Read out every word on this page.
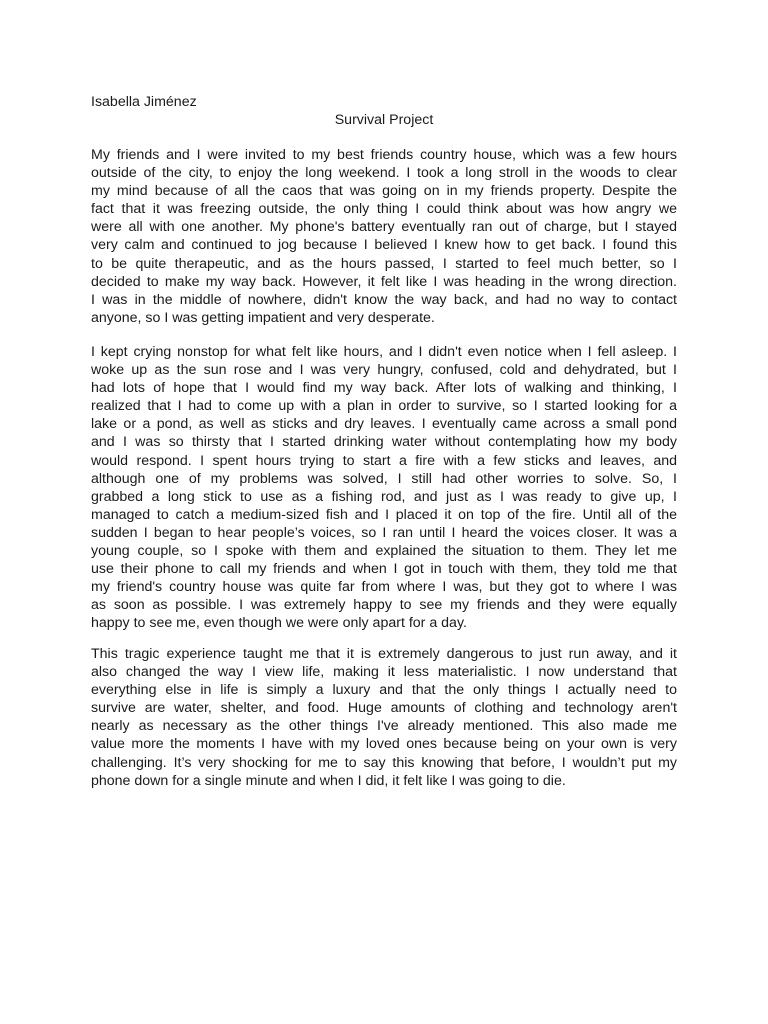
Isabella Jiménez
Survival Project
My friends and I were invited to my best friends country house, which was a few hours
outside of the city, to enjoy the long weekend. I took a long stroll in the woods to clear
my mind because of all the caos that was going on in my friends property. Despite the
fact that it was freezing outside, the only thing I could think about was how angry we
were all with one another. My phone's battery eventually ran out of charge, but I stayed
very calm and continued to jog because I believed I knew how to get back. I found this
to be quite therapeutic, and as the hours passed, I started to feel much better, so I
decided to make my way back. However, it felt like I was heading in the wrong direction.
I was in the middle of nowhere, didn't know the way back, and had no way to contact
anyone, so I was getting impatient and very desperate.
I kept crying nonstop for what felt like hours, and I didn't even notice when I fell asleep. I
woke up as the sun rose and I was very hungry, confused, cold and dehydrated, but I
had lots of hope that I would find my way back. After lots of walking and thinking, I
realized that I had to come up with a plan in order to survive, so I started looking for a
lake or a pond, as well as sticks and dry leaves. I eventually came across a small pond
and I was so thirsty that I started drinking water without contemplating how my body
would respond. I spent hours trying to start a fire with a few sticks and leaves, and
although one of my problems was solved, I still had other worries to solve. So, I
grabbed a long stick to use as a fishing rod, and just as I was ready to give up, I
managed to catch a medium-sized fish and I placed it on top of the fire. Until all of the
sudden I began to hear people’s voices, so I ran until I heard the voices closer. It was a
young couple, so I spoke with them and explained the situation to them. They let me
use their phone to call my friends and when I got in touch with them, they told me that
my friend's country house was quite far from where I was, but they got to where I was
as soon as possible. I was extremely happy to see my friends and they were equally
happy to see me, even though we were only apart for a day.
This tragic experience taught me that it is extremely dangerous to just run away, and it
also changed the way I view life, making it less materialistic. I now understand that
everything else in life is simply a luxury and that the only things I actually need to
survive are water, shelter, and food. Huge amounts of clothing and technology aren't
nearly as necessary as the other things I've already mentioned. This also made me
value more the moments I have with my loved ones because being on your own is very
challenging. It’s very shocking for me to say this knowing that before, I wouldn’t put my
phone down for a single minute and when I did, it felt like I was going to die.
